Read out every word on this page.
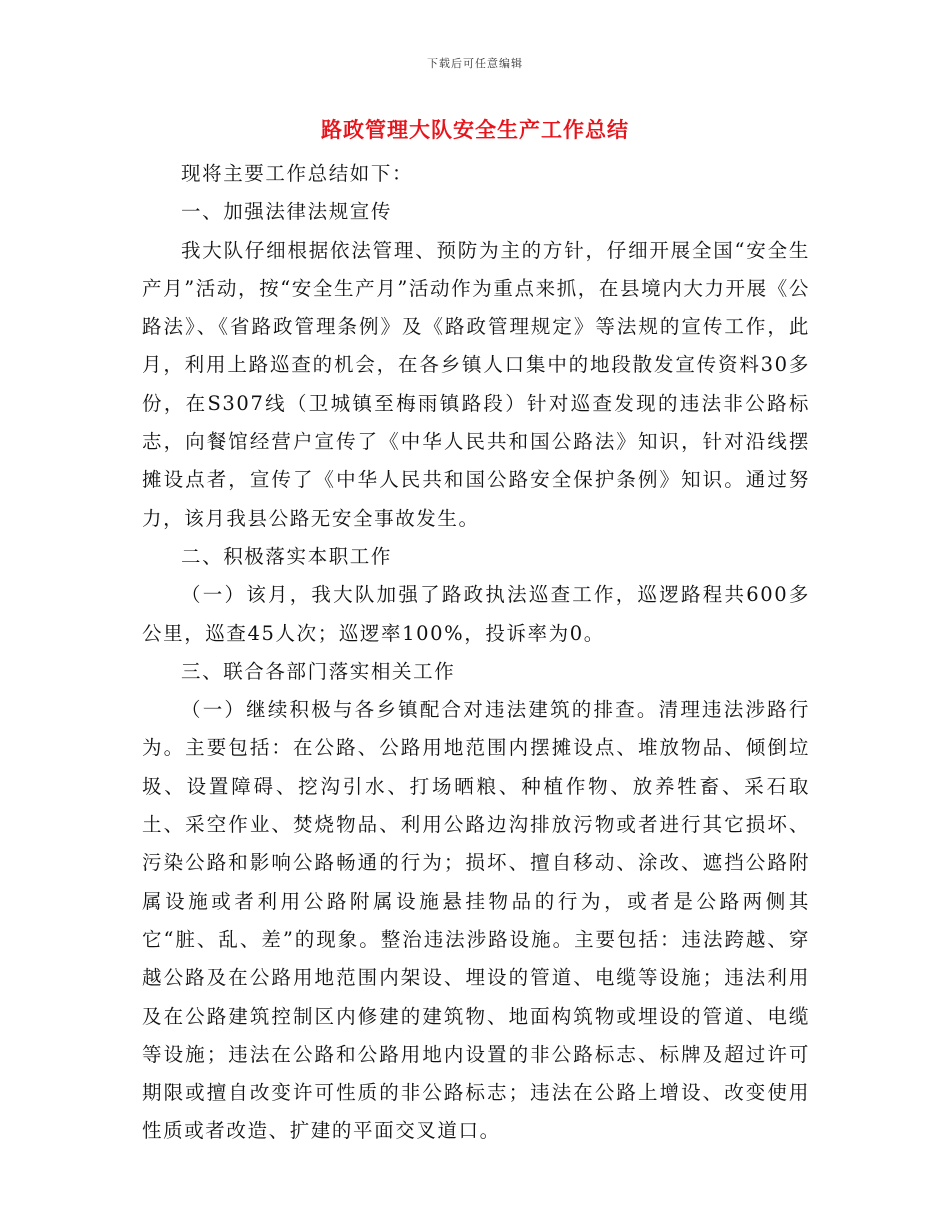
下载后可任意编辑
路政管理大队安全生产工作总结

现将主要工作总结如下：

一、加强法律法规宣传

我大队仔细根据依法管理、预防为主的方针，仔细开展全国“安全生产月”活动，按“安全生产月”活动作为重点来抓，在县境内大力开展《公路法》、《省路政管理条例》及《路政管理规定》等法规的宣传工作，此月，利用上路巡查的机会，在各乡镇人口集中的地段散发宣传资料30多份，在S307线（卫城镇至梅雨镇路段）针对巡查发现的违法非公路标志，向餐馆经营户宣传了《中华人民共和国公路法》知识，针对沿线摆摊设点者，宣传了《中华人民共和国公路安全保护条例》知识。通过努力，该月我县公路无安全事故发生。

二、积极落实本职工作

（一）该月，我大队加强了路政执法巡查工作，巡逻路程共600多公里，巡查45人次；巡逻率100%，投诉率为0。

三、联合各部门落实相关工作

（一）继续积极与各乡镇配合对违法建筑的排查。清理违法涉路行为。主要包括：在公路、公路用地范围内摆摊设点、堆放物品、倾倒垃圾、设置障碍、挖沟引水、打场晒粮、种植作物、放养牲畜、采石取土、采空作业、焚烧物品、利用公路边沟排放污物或者进行其它损坏、污染公路和影响公路畅通的行为；损坏、擅自移动、涂改、遮挡公路附属设施或者利用公路附属设施悬挂物品的行为，或者是公路两侧其它“脏、乱、差”的现象。整治违法涉路设施。主要包括：违法跨越、穿越公路及在公路用地范围内架设、埋设的管道、电缆等设施；违法利用及在公路建筑控制区内修建的建筑物、地面构筑物或埋设的管道、电缆等设施；违法在公路和公路用地内设置的非公路标志、标牌及超过许可期限或擅自改变许可性质的非公路标志；违法在公路上增设、改变使用性质或者改造、扩建的平面交叉道口。
